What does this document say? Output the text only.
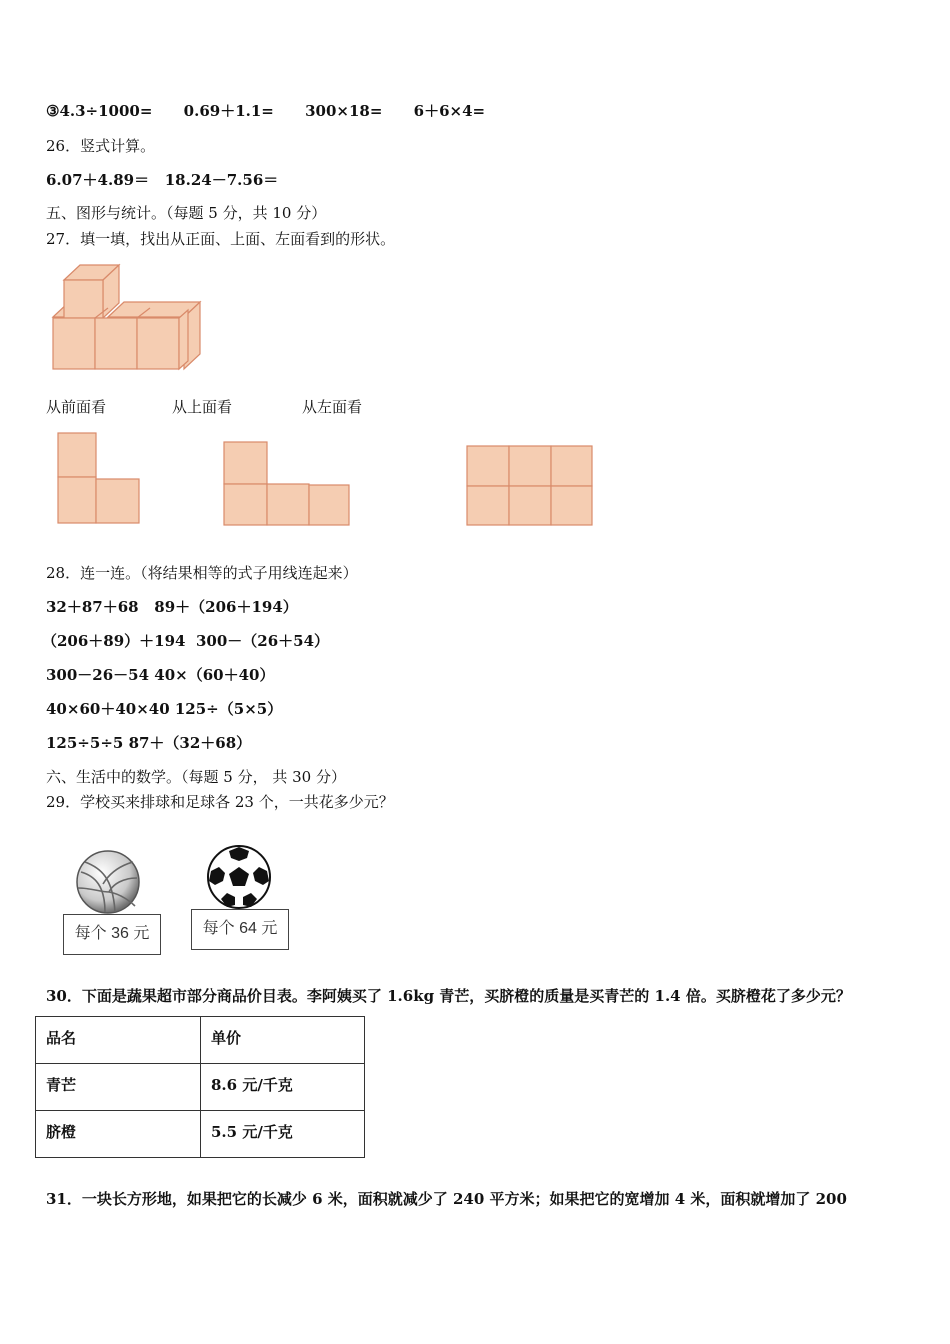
③4.3÷1000= 0.69＋1.1= 300×18= 6＋6×4=
26．竖式计算。
6.07＋4.89＝ 18.24－7.56＝
五、图形与统计。（每题 5 分，共 10 分）
27．填一填，找出从正面、上面、左面看到的形状。
从前面看	从上面看	从左面看
28．连一连。（将结果相等的式子用线连起来）
32＋87＋68 89＋（206＋194）
（206＋89）＋194 300－（26＋54）
300－26－54 40×（60＋40）
40×60＋40×40 125÷（5×5）
125÷5÷5 87＋（32＋68）
六、生活中的数学。（每题 5 分， 共 30 分）
29．学校买来排球和足球各 23 个，一共花多少元？
每个 36 元	每个 64 元
30．下面是蔬果超市部分商品价目表。李阿姨买了 1.6kg 青芒，买脐橙的质量是买青芒的 1.4 倍。买脐橙花了多少元？
品名	单价
青芒	8.6 元/千克
脐橙	5.5 元/千克
31．一块长方形地，如果把它的长减少 6 米，面积就减少了 240 平方米；如果把它的宽增加 4 米，面积就增加了 200
